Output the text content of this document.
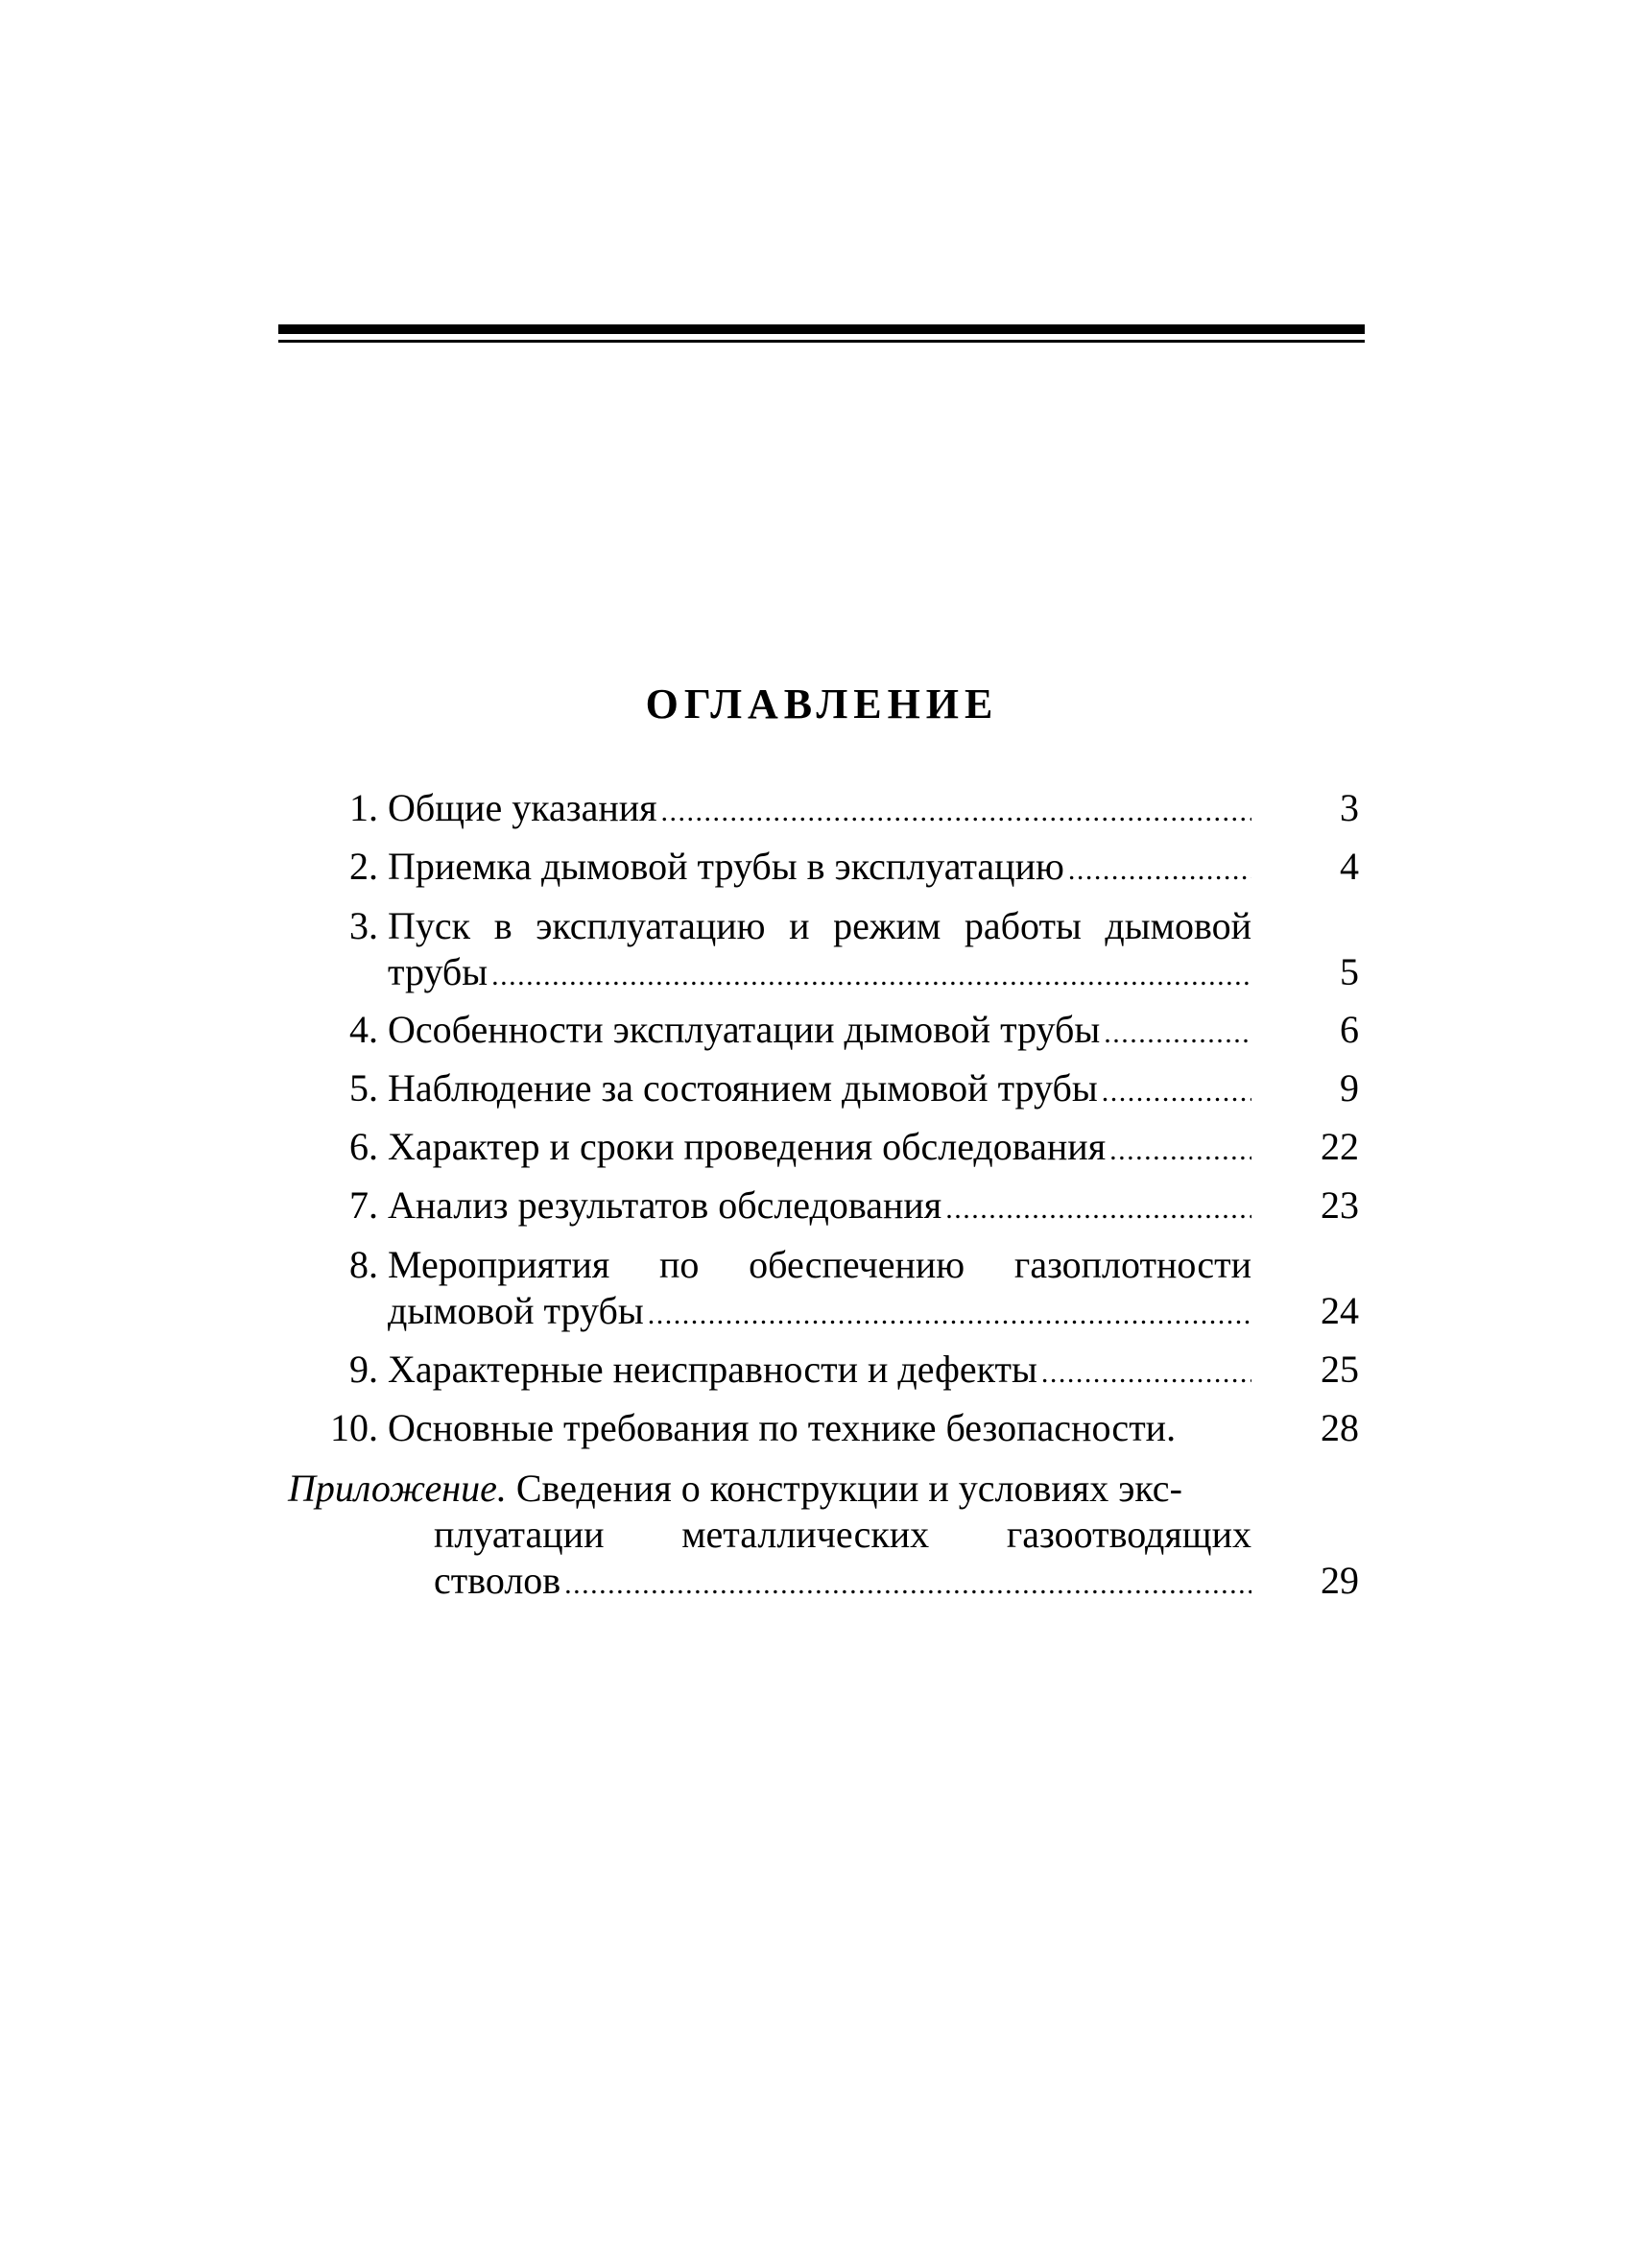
ОГЛАВЛЕНИЕ
1. Общие указания . . .	3
2. Приемка дымовой трубы в эксплуатацию . . .	4
3. Пуск в эксплуатацию и режим работы дымовой
трубы . . .	5
4. Особенности эксплуатации дымовой трубы . . .	6
5. Наблюдение за состоянием дымовой трубы . . .	9
6. Характер и сроки проведения обследования . . .	22
7. Анализ результатов обследования . . .	23
8. Мероприятия по обеспечению газоплотности
дымовой трубы . . .	24
9. Характерные неисправности и дефекты . . .	25
10. Основные требования по технике безопасности.	28
Приложение. Сведения о конструкции и условиях экс-
плуатации металлических газоотводящих
стволов . . .	29
